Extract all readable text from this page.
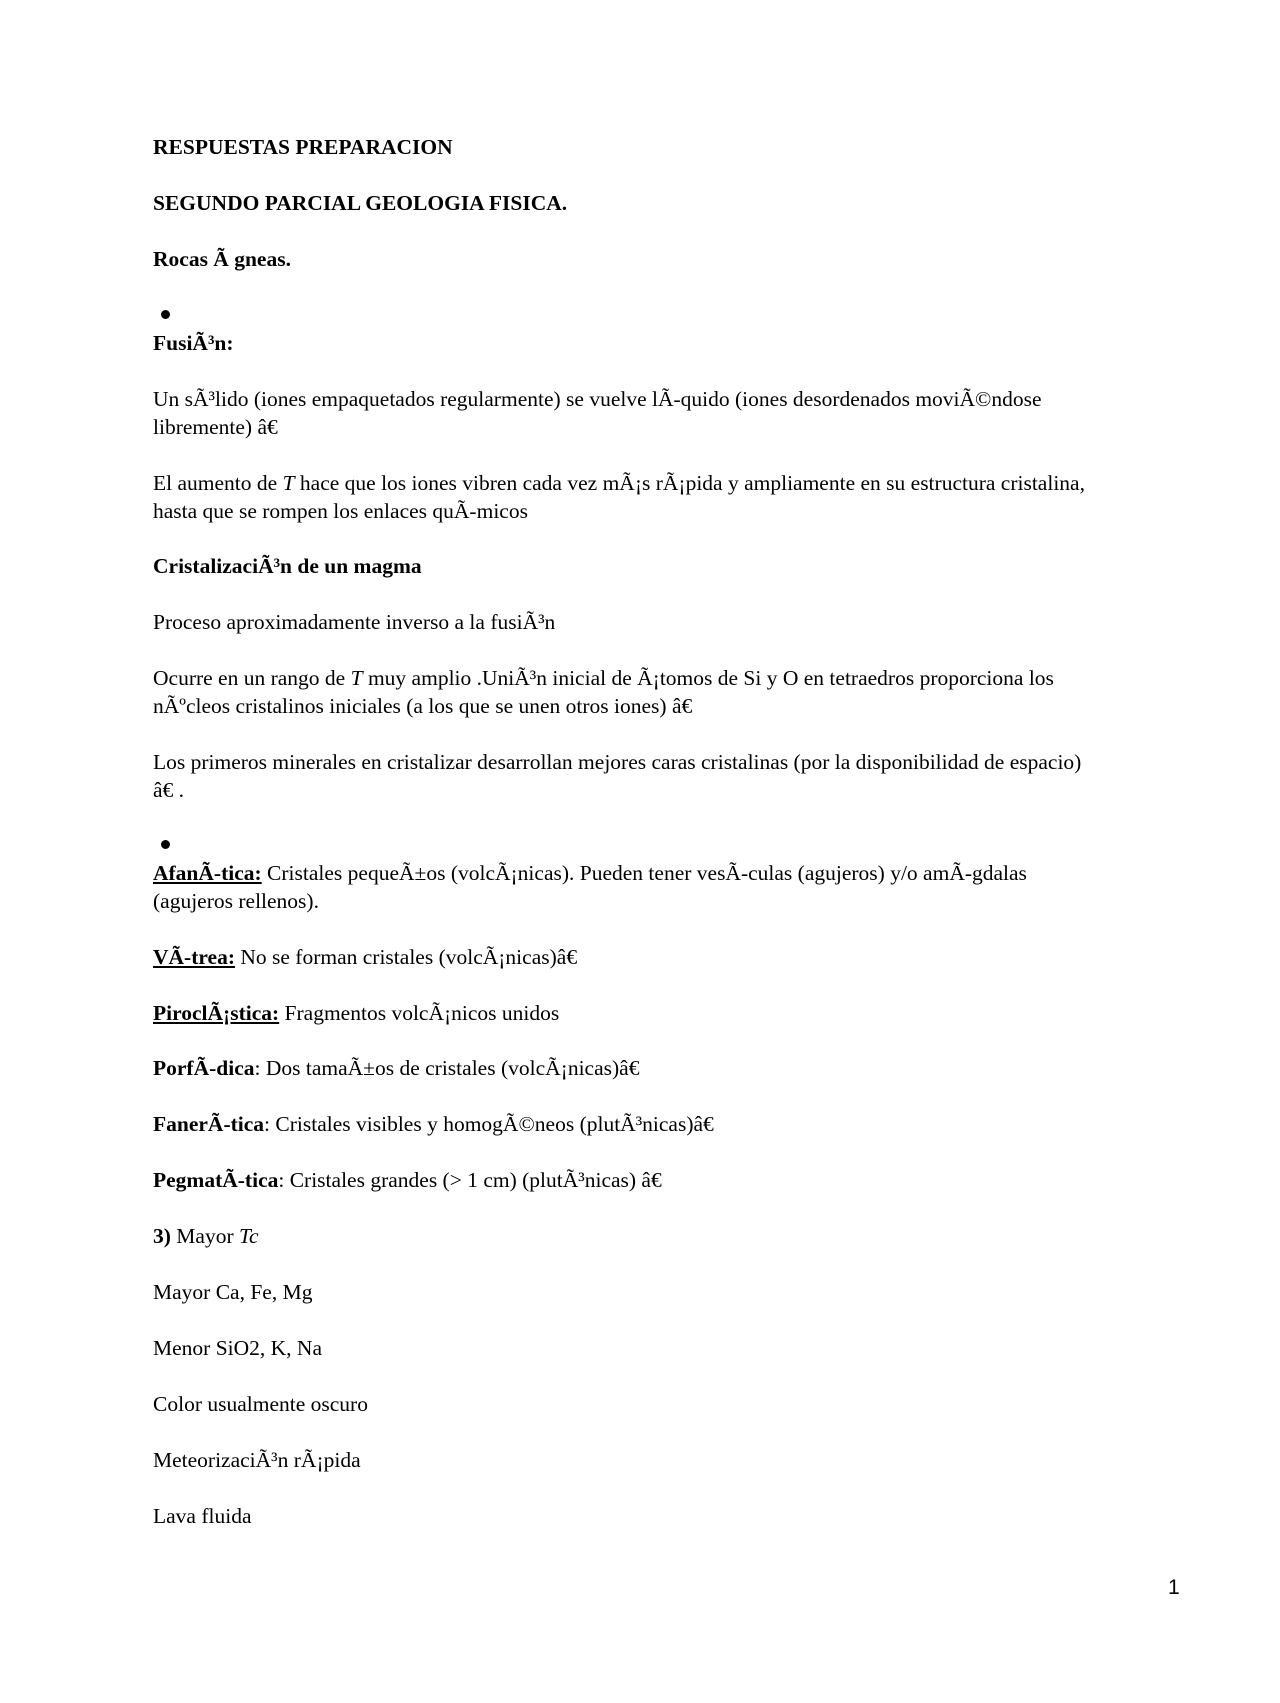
RESPUESTAS PREPARACION
SEGUNDO PARCIAL GEOLOGIA FISICA.
Rocas Ã gneas.
FusiÃ³n:
Un sÃ³lido (iones empaquetados regularmente) se vuelve lÃ-quido (iones desordenados moviÃ©ndose
libremente) â€
El aumento de T hace que los iones vibren cada vez mÃ¡s rÃ¡pida y ampliamente en su estructura cristalina,
hasta que se rompen los enlaces quÃ-micos
CristalizaciÃ³n de un magma
Proceso aproximadamente inverso a la fusiÃ³n
Ocurre en un rango de T muy amplio .UniÃ³n inicial de Ã¡tomos de Si y O en tetraedros proporciona los
nÃºcleos cristalinos iniciales (a los que se unen otros iones) â€
Los primeros minerales en cristalizar desarrollan mejores caras cristalinas (por la disponibilidad de espacio)
â€ .
AfanÃ-tica: Cristales pequeÃ±os (volcÃ¡nicas). Pueden tener vesÃ-culas (agujeros) y/o amÃ-gdalas
(agujeros rellenos).
VÃ-trea: No se forman cristales (volcÃ¡nicas)â€
PiroclÃ¡stica: Fragmentos volcÃ¡nicos unidos
PorfÃ-dica: Dos tamaÃ±os de cristales (volcÃ¡nicas)â€
FanerÃ-tica: Cristales visibles y homogÃ©neos (plutÃ³nicas)â€
PegmatÃ-tica: Cristales grandes (> 1 cm) (plutÃ³nicas) â€
3) Mayor Tc
Mayor Ca, Fe, Mg
Menor SiO2, K, Na
Color usualmente oscuro
MeteorizaciÃ³n rÃ¡pida
Lava fluida
1
